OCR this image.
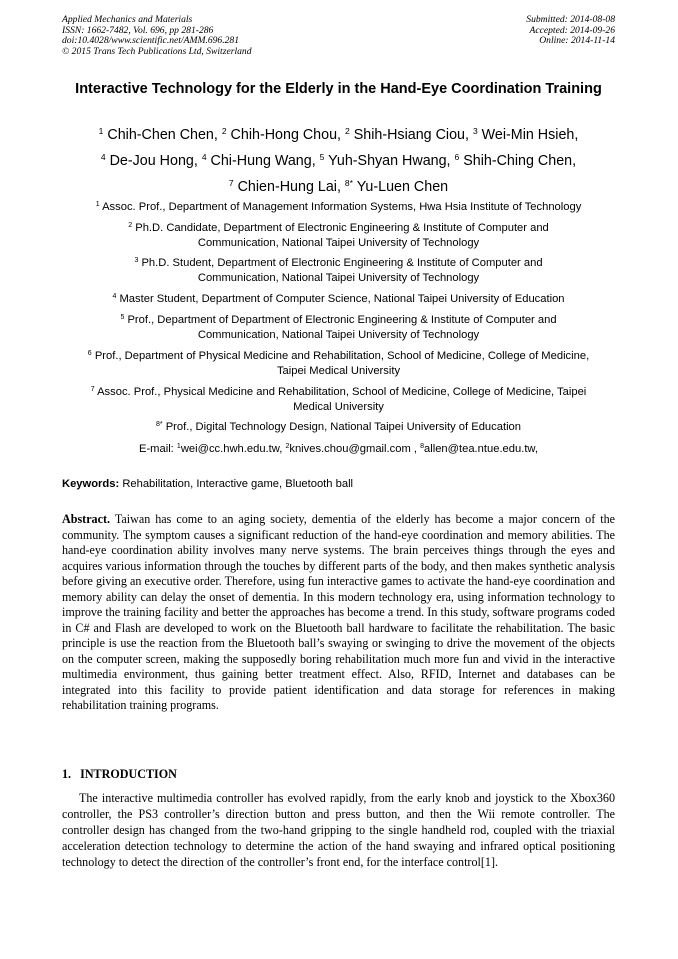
Applied Mechanics and Materials
ISSN: 1662-7482, Vol. 696, pp 281-286
doi:10.4028/www.scientific.net/AMM.696.281
© 2015 Trans Tech Publications Ltd, Switzerland
Submitted: 2014-08-08
Accepted: 2014-09-26
Online: 2014-11-14
Interactive Technology for the Elderly in the Hand-Eye Coordination Training
$^1$ Chih-Chen Chen, $^2$ Chih-Hong Chou, $^2$ Shih-Hsiang Ciou, $^3$ Wei-Min Hsieh,
$^4$ De-Jou Hong, $^4$ Chi-Hung Wang, $^5$ Yuh-Shyan Hwang, $^6$ Shih-Ching Chen,
$^7$ Chien-Hung Lai, $^{8*}$ Yu-Luen Chen
$^1$ Assoc. Prof., Department of Management Information Systems, Hwa Hsia Institute of Technology
$^2$ Ph.D. Candidate, Department of Electronic Engineering & Institute of Computer and Communication, National Taipei University of Technology
$^3$ Ph.D. Student, Department of Electronic Engineering & Institute of Computer and Communication, National Taipei University of Technology
$^4$ Master Student, Department of Computer Science, National Taipei University of Education
$^5$ Prof., Department of Department of Electronic Engineering & Institute of Computer and Communication, National Taipei University of Technology
$^6$ Prof., Department of Physical Medicine and Rehabilitation, School of Medicine, College of Medicine, Taipei Medical University
$^7$ Assoc. Prof., Physical Medicine and Rehabilitation, School of Medicine, College of Medicine, Taipei Medical University
$^{8*}$ Prof., Digital Technology Design, National Taipei University of Education
E-mail: $^1$wei@cc.hwh.edu.tw, $^2$knives.chou@gmail.com , $^8$allen@tea.ntue.edu.tw,
Keywords: Rehabilitation, Interactive game, Bluetooth ball
Abstract. Taiwan has come to an aging society, dementia of the elderly has become a major concern of the community. The symptom causes a significant reduction of the hand-eye coordination and memory abilities. The hand-eye coordination ability involves many nerve systems. The brain perceives things through the eyes and acquires various information through the touches by different parts of the body, and then makes synthetic analysis before giving an executive order. Therefore, using fun interactive games to activate the hand-eye coordination and memory ability can delay the onset of dementia. In this modern technology era, using information technology to improve the training facility and better the approaches has become a trend. In this study, software programs coded in C# and Flash are developed to work on the Bluetooth ball hardware to facilitate the rehabilitation. The basic principle is use the reaction from the Bluetooth ball’s swaying or swinging to drive the movement of the objects on the computer screen, making the supposedly boring rehabilitation much more fun and vivid in the interactive multimedia environment, thus gaining better treatment effect. Also, RFID, Internet and databases can be integrated into this facility to provide patient identification and data storage for references in making rehabilitation training programs.
1. INTRODUCTION
The interactive multimedia controller has evolved rapidly, from the early knob and joystick to the Xbox360 controller, the PS3 controller’s direction button and press button, and then the Wii remote controller. The controller design has changed from the two-hand gripping to the single handheld rod, coupled with the triaxial acceleration detection technology to determine the action of the hand swaying and infrared optical positioning technology to detect the direction of the controller’s front end, for the interface control[1].
